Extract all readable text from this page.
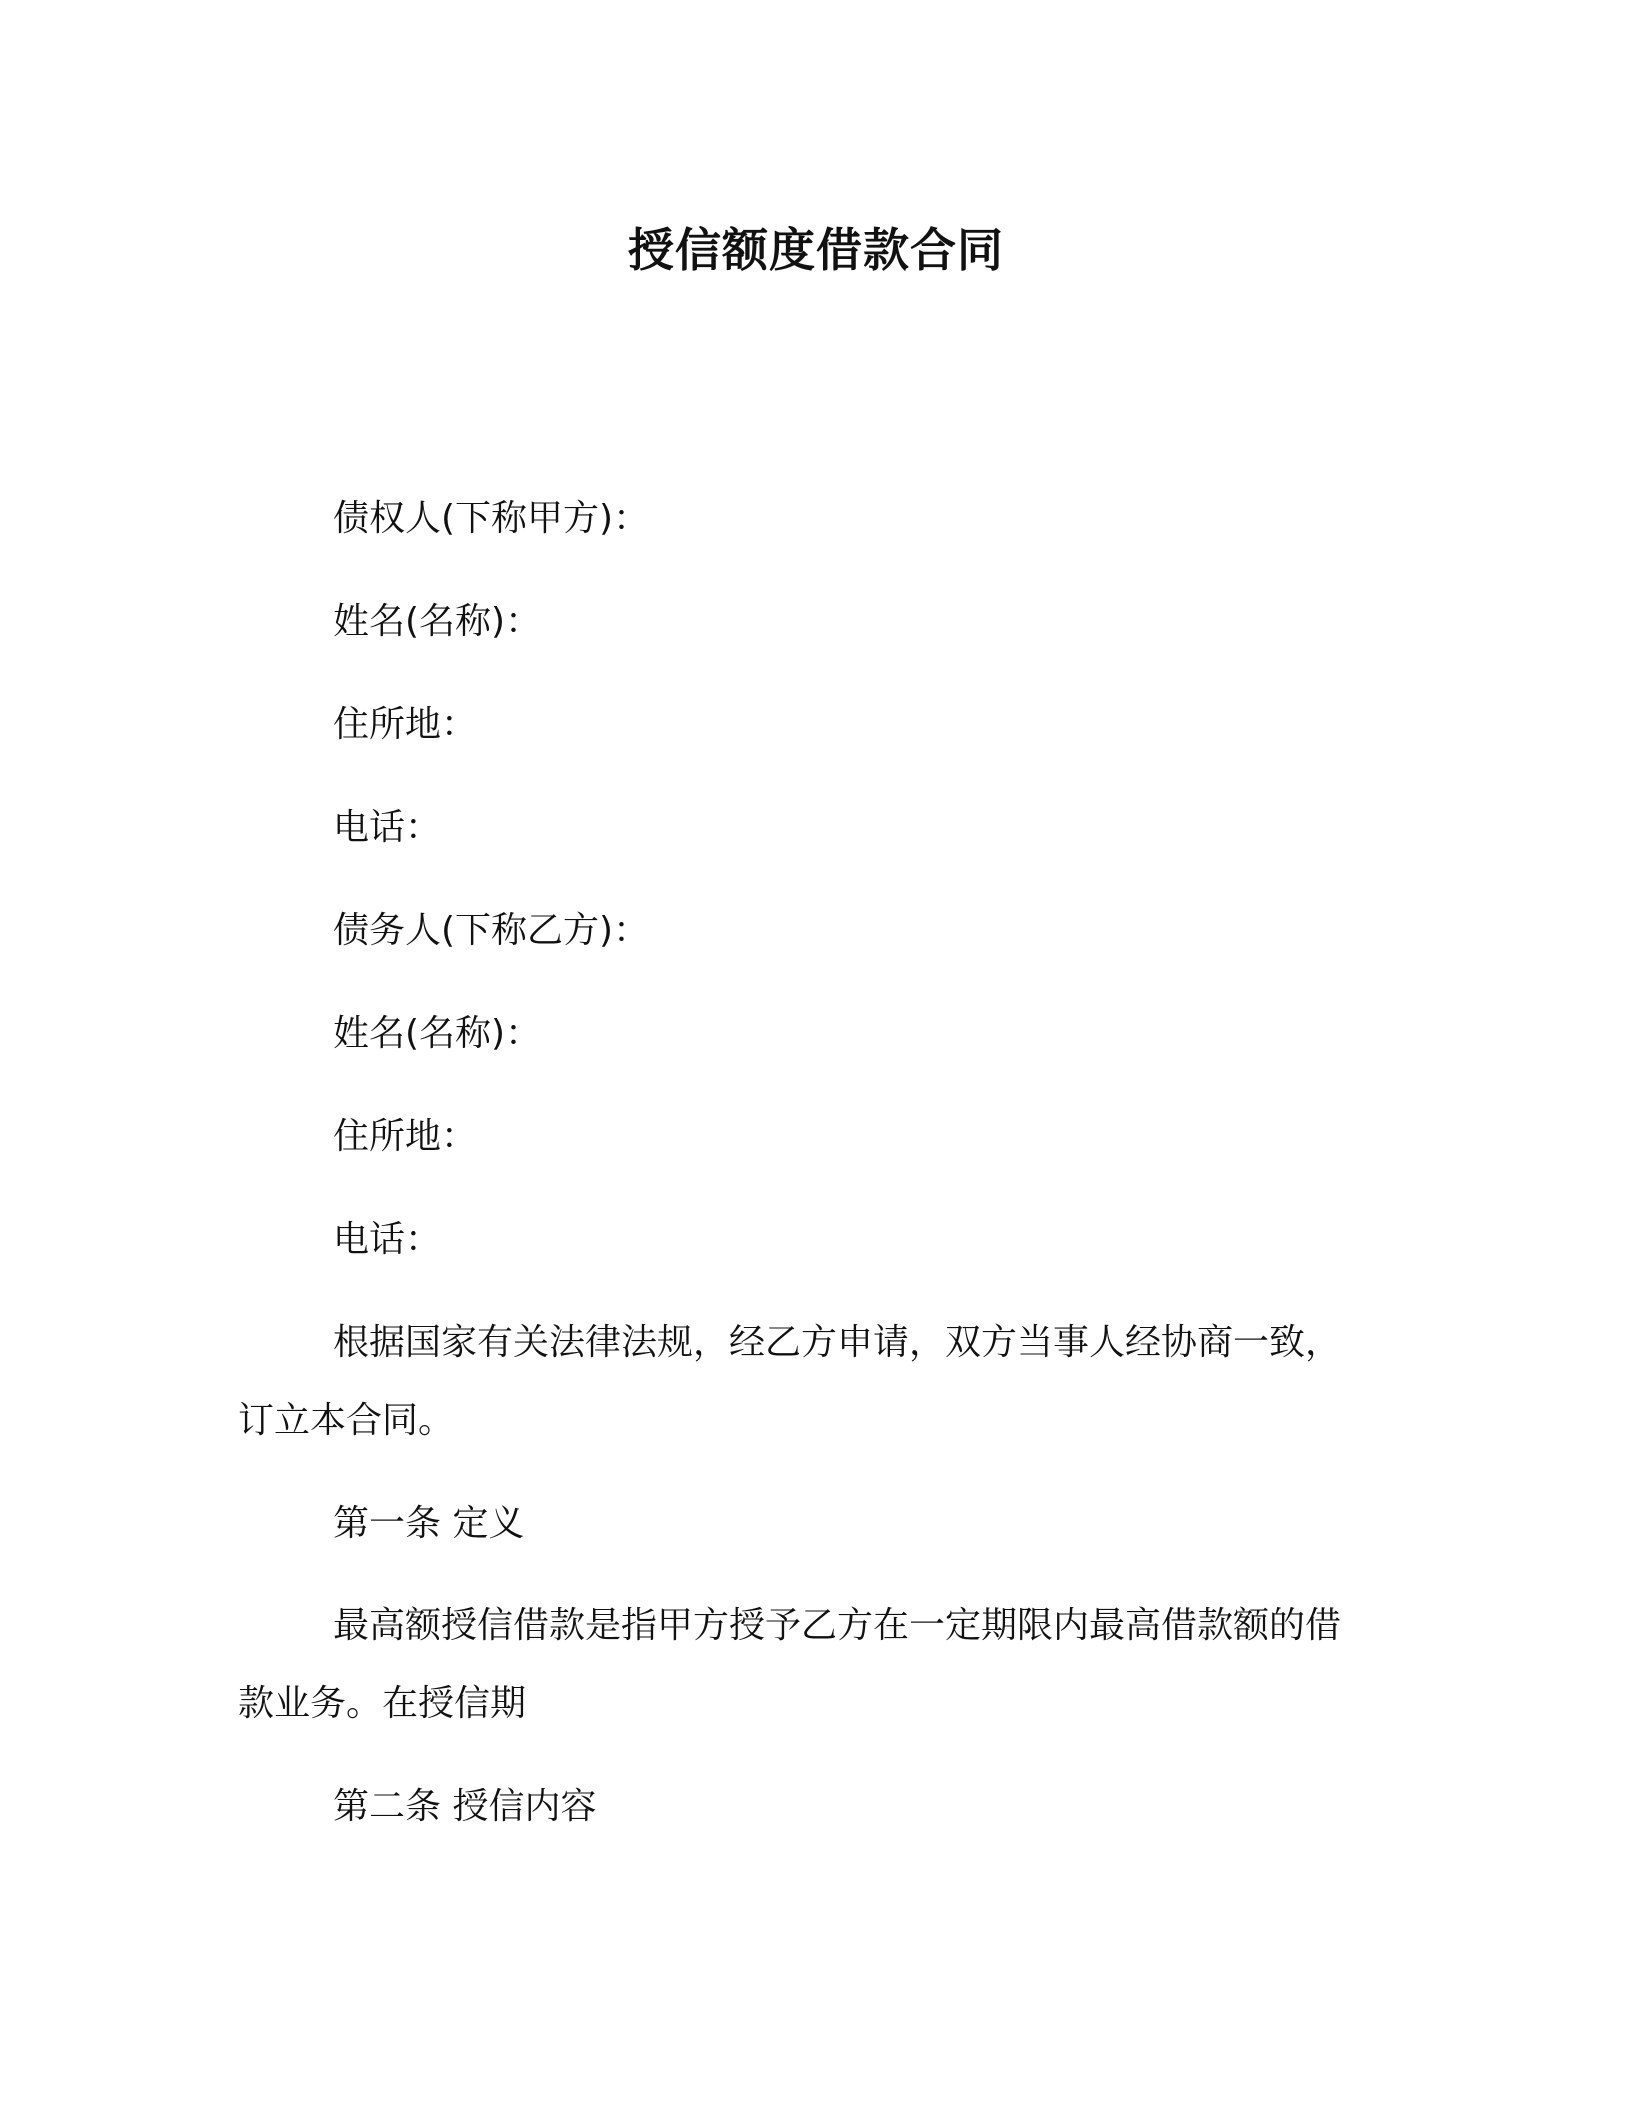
授信额度借款合同
债权人(下称甲方)：
姓名(名称)：
住所地：
电话：
债务人(下称乙方)：
姓名(名称)：
住所地：
电话：
根据国家有关法律法规，经乙方申请，双方当事人经协商一致，
订立本合同。
第一条 定义
最高额授信借款是指甲方授予乙方在一定期限内最高借款额的借
款业务。在授信期
第二条 授信内容
